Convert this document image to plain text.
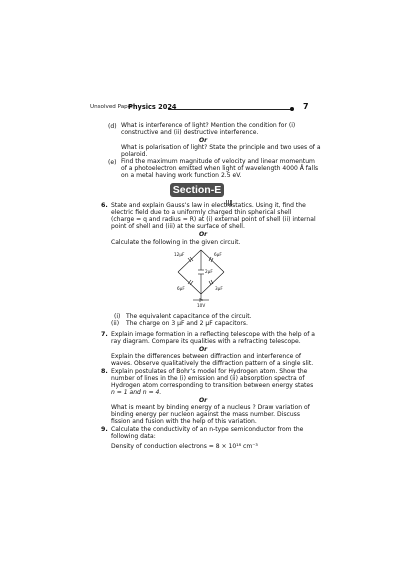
Unsolved Paper
Physics 2024	7
(d) What is interference of light? Mention the condition for (i)
constructive and (ii) destructive interference.
Or
What is polarisation of light? State the principle and two uses of a
polaroid.
(e) Find the maximum magnitude of velocity and linear momentum
of a photoelectron emitted when light of wavelength 4000 Å falls
on a metal having work function 2.5 eV.
Section-E
6. State and explain Gauss’s law in electrostatics. Using it, find the
electric field due to a uniformly charged thin spherical shell
(charge = q and radius = R) at (i) external point of shell (ii) internal
point of shell and (iii) at the surface of shell.
Or
Calculate the following in the given circuit.
12μF	6μF
2μF
6μF	3μF
10V
(i) The equivalent capacitance of the circuit.
(ii) The charge on 3 μF and 2 μF capacitors.
7. Explain image formation in a reflecting telescope with the help of a
ray diagram. Compare its qualities with a refracting telescope.
Or
Explain the differences between diffraction and interference of
waves. Observe qualitatively the diffraction pattern of a single slit.
8. Explain postulates of Bohr’s model for Hydrogen atom. Show the
number of lines in the (i) emission and (ii) absorption spectra of
Hydrogen atom corresponding to transition between energy states
n = 1 and n = 4.
Or
What is meant by binding energy of a nucleus ? Draw variation of
binding energy per nucleon against the mass number. Discuss
fission and fusion with the help of this variation.
9. Calculate the conductivity of an n-type semiconductor from the
following data:
Density of conduction electrons = 8 × 10¹⁸ cm⁻³
